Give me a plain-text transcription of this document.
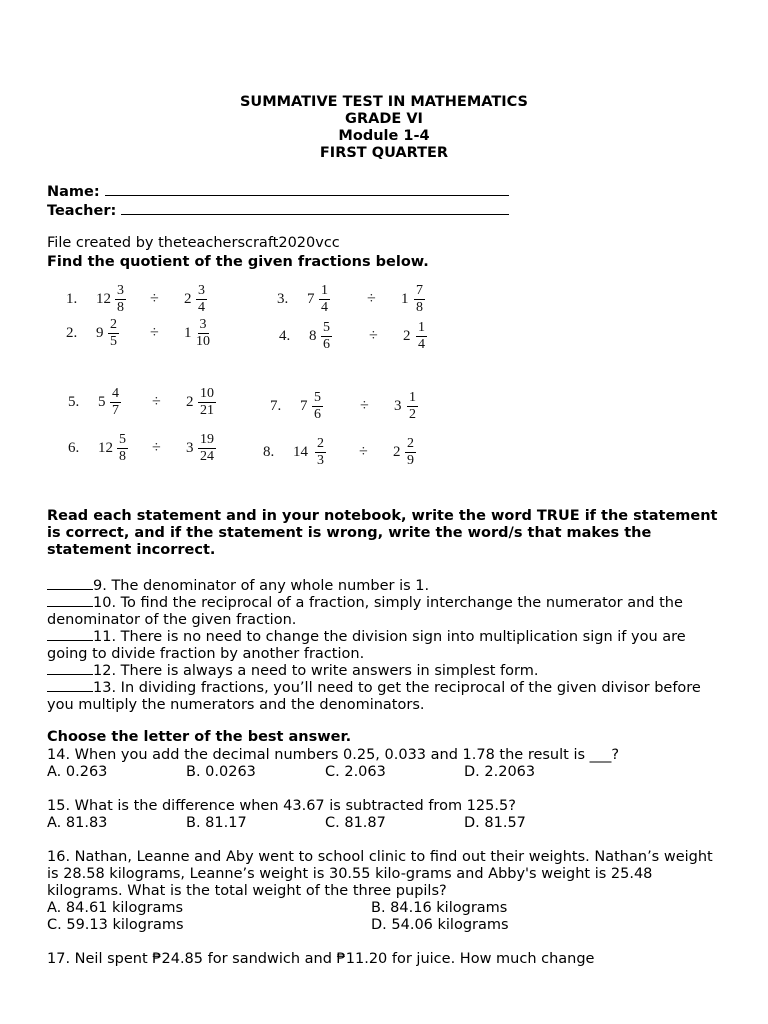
SUMMATIVE TEST IN MATHEMATICS
GRADE VI
Module 1-4
FIRST QUARTER
Name:
Teacher:
File created by theteacherscraft2020vcc
Find the quotient of the given fractions below.
1. $12 \frac{3}{8} \div 2 \frac{3}{4}$
2. $9 \frac{2}{5} \div 1 \frac{3}{10}$
3. $7 \frac{1}{4} \div 1 \frac{7}{8}$
4. $8 \frac{5}{6} \div 2 \frac{1}{4}$
5. $5 \frac{4}{7} \div 2 \frac{10}{21}$
6. $12 \frac{5}{8} \div 3 \frac{19}{24}$
7. $7 \frac{5}{6} \div 3 \frac{1}{2}$
8. $14 \frac{2}{3} \div 2 \frac{2}{9}$
Read each statement and in your notebook, write the word TRUE if the statement is correct, and if the statement is wrong, write the word/s that makes the statement incorrect.
9. The denominator of any whole number is 1.
10. To find the reciprocal of a fraction, simply interchange the numerator and the denominator of the given fraction.
11. There is no need to change the division sign into multiplication sign if you are going to divide fraction by another fraction.
12. There is always a need to write answers in simplest form.
13. In dividing fractions, you’ll need to get the reciprocal of the given divisor before you multiply the numerators and the denominators.
Choose the letter of the best answer.
14. When you add the decimal numbers 0.25, 0.033 and 1.78 the result is ___?
A. 0.263	B. 0.0263	C. 2.063	D. 2.2063
15. What is the difference when 43.67 is subtracted from 125.5?
A. 81.83	B. 81.17	C. 81.87	D. 81.57
16. Nathan, Leanne and Aby went to school clinic to find out their weights. Nathan’s weight is 28.58 kilograms, Leanne’s weight is 30.55 kilo-grams and Abby's weight is 25.48 kilograms. What is the total weight of the three pupils?
A. 84.61 kilograms	B. 84.16 kilograms
C. 59.13 kilograms	D. 54.06 kilograms
17. Neil spent ₱24.85 for sandwich and ₱11.20 for juice. How much change
